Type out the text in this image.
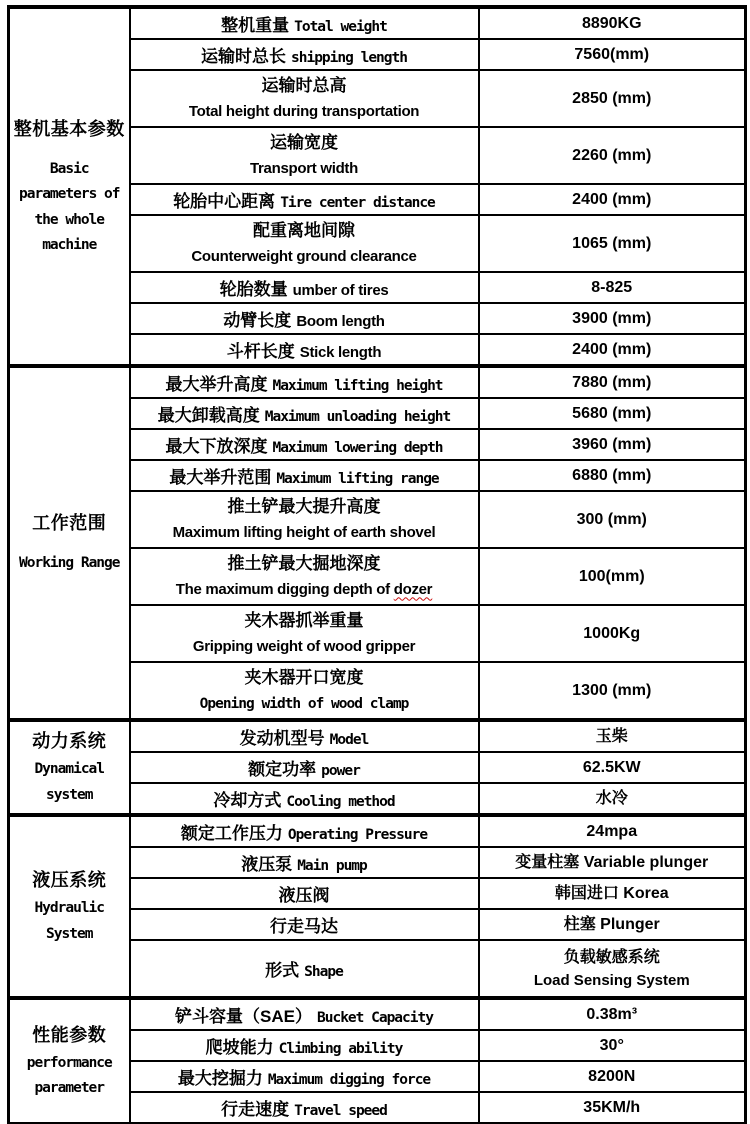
整机基本参数
Basic
parameters of
the whole
machine	整机重量 Total weight	8890KG

	运输时总长 shipping length	7560(mm)

	运输时总高
Total height during transportation	2850 (mm)

	运输宽度
Transport width	2260 (mm)

	轮胎中心距离 Tire center distance	2400 (mm)

	配重离地间隙
Counterweight ground clearance	1065 (mm)

	轮胎数量 umber of tires	8-825

	动臂长度 Boom length	3900 (mm)

	斗杆长度 Stick length	2400 (mm)

工作范围
Working Range	最大举升高度 Maximum lifting height	7880 (mm)

	最大卸载高度 Maximum unloading height	5680 (mm)

	最大下放深度 Maximum lowering depth	3960 (mm)

	最大举升范围 Maximum lifting range	6880 (mm)

	推土铲最大提升高度
Maximum lifting height of earth shovel	300 (mm)

	推土铲最大掘地深度
The maximum digging depth of dozer	100(mm)

	夹木器抓举重量
Gripping weight of wood gripper	1000Kg

	夹木器开口宽度
Opening width of wood clamp	1300 (mm)

动力系统
Dynamical
system	发动机型号 Model	玉柴

	额定功率 power	62.5KW

	冷却方式 Cooling method	水冷

液压系统
Hydraulic
System	额定工作压力 Operating Pressure	24mpa

	液压泵 Main pump	变量柱塞 Variable plunger

	液压阀	韩国进口 Korea

	行走马达	柱塞 Plunger

	形式 Shape	负载敏感系统
Load Sensing System

性能参数
performance
parameter	铲斗容量（SAE） Bucket Capacity	0.38m³

	爬坡能力 Climbing ability	30°

	最大挖掘力 Maximum digging force	8200N

	行走速度 Travel speed	35KM/h
